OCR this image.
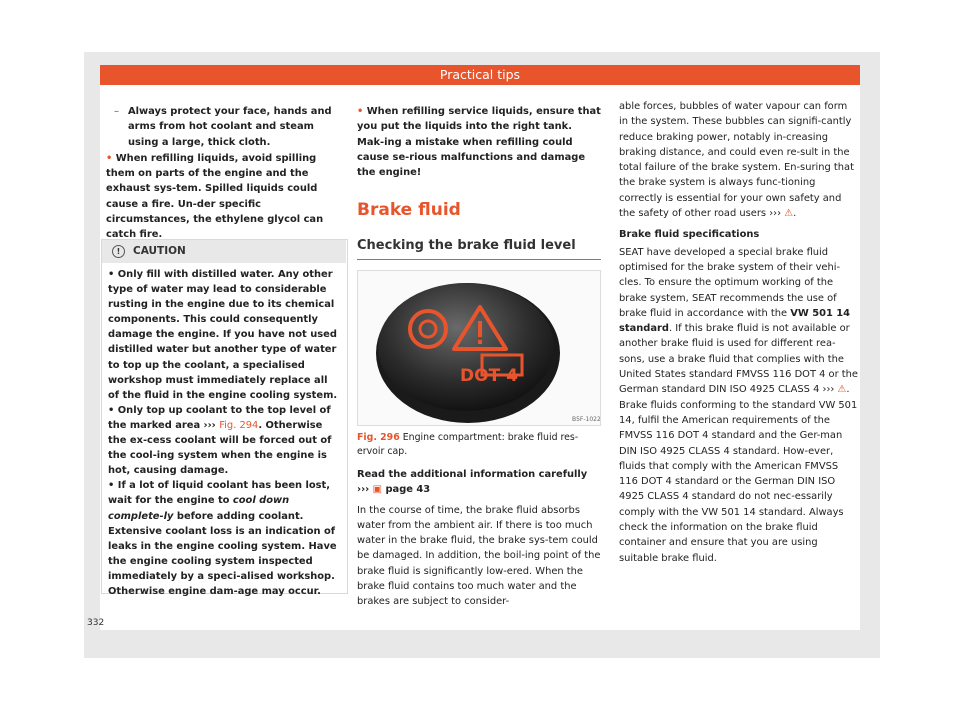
Practical tips
– Always protect your face, hands and arms from hot coolant and steam using a large, thick cloth.
• When refilling liquids, avoid spilling them on parts of the engine and the exhaust sys-tem. Spilled liquids could cause a fire. Un-der specific circumstances, the ethylene glycol can catch fire.
! CAUTION
• Only fill with distilled water. Any other type of water may lead to considerable rusting in the engine due to its chemical components. This could consequently damage the engine. If you have not used distilled water but another type of water to top up the coolant, a specialised workshop must immediately replace all of the fluid in the engine cooling system.
• Only top up coolant to the top level of the marked area ››› Fig. 294. Otherwise the ex-cess coolant will be forced out of the cool-ing system when the engine is hot, causing damage.
• If a lot of liquid coolant has been lost, wait for the engine to cool down complete-ly before adding coolant. Extensive coolant loss is an indication of leaks in the engine cooling system. Have the engine cooling system inspected immediately by a speci-alised workshop. Otherwise engine dam-age may occur.
• When refilling service liquids, ensure that you put the liquids into the right tank. Mak-ing a mistake when refilling could cause se-rious malfunctions and damage the engine!
Brake fluid
Checking the brake fluid level
DOT 4
B5F-1022
Fig. 296 Engine compartment: brake fluid res-ervoir cap.
Read the additional information carefully ››› ▣ page 43

In the course of time, the brake fluid absorbs water from the ambient air. If there is too much water in the brake fluid, the brake sys-tem could be damaged. In addition, the boil-ing point of the brake fluid is significantly low-ered. When the brake fluid contains too much water and the brakes are subject to consider-

able forces, bubbles of water vapour can form in the system. These bubbles can signifi-cantly reduce braking power, notably in-creasing braking distance, and could even re-sult in the total failure of the brake system. En-suring that the brake system is always func-tioning correctly is essential for your own safety and the safety of other road users ››› ⚠.

Brake fluid specifications

SEAT have developed a special brake fluid optimised for the brake system of their vehi-cles. To ensure the optimum working of the brake system, SEAT recommends the use of brake fluid in accordance with the VW 501 14 standard. If this brake fluid is not available or another brake fluid is used for different rea-sons, use a brake fluid that complies with the United States standard FMVSS 116 DOT 4 or the German standard DIN ISO 4925 CLASS 4 ››› ⚠.

Brake fluids conforming to the standard VW 501 14, fulfil the American requirements of the FMVSS 116 DOT 4 standard and the Ger-man DIN ISO 4925 CLASS 4 standard. How-ever, fluids that comply with the American FMVSS 116 DOT 4 standard or the German DIN ISO 4925 CLASS 4 standard do not nec-essarily comply with the VW 501 14 standard. Always check the information on the brake fluid container and ensure that you are using suitable brake fluid.

332
